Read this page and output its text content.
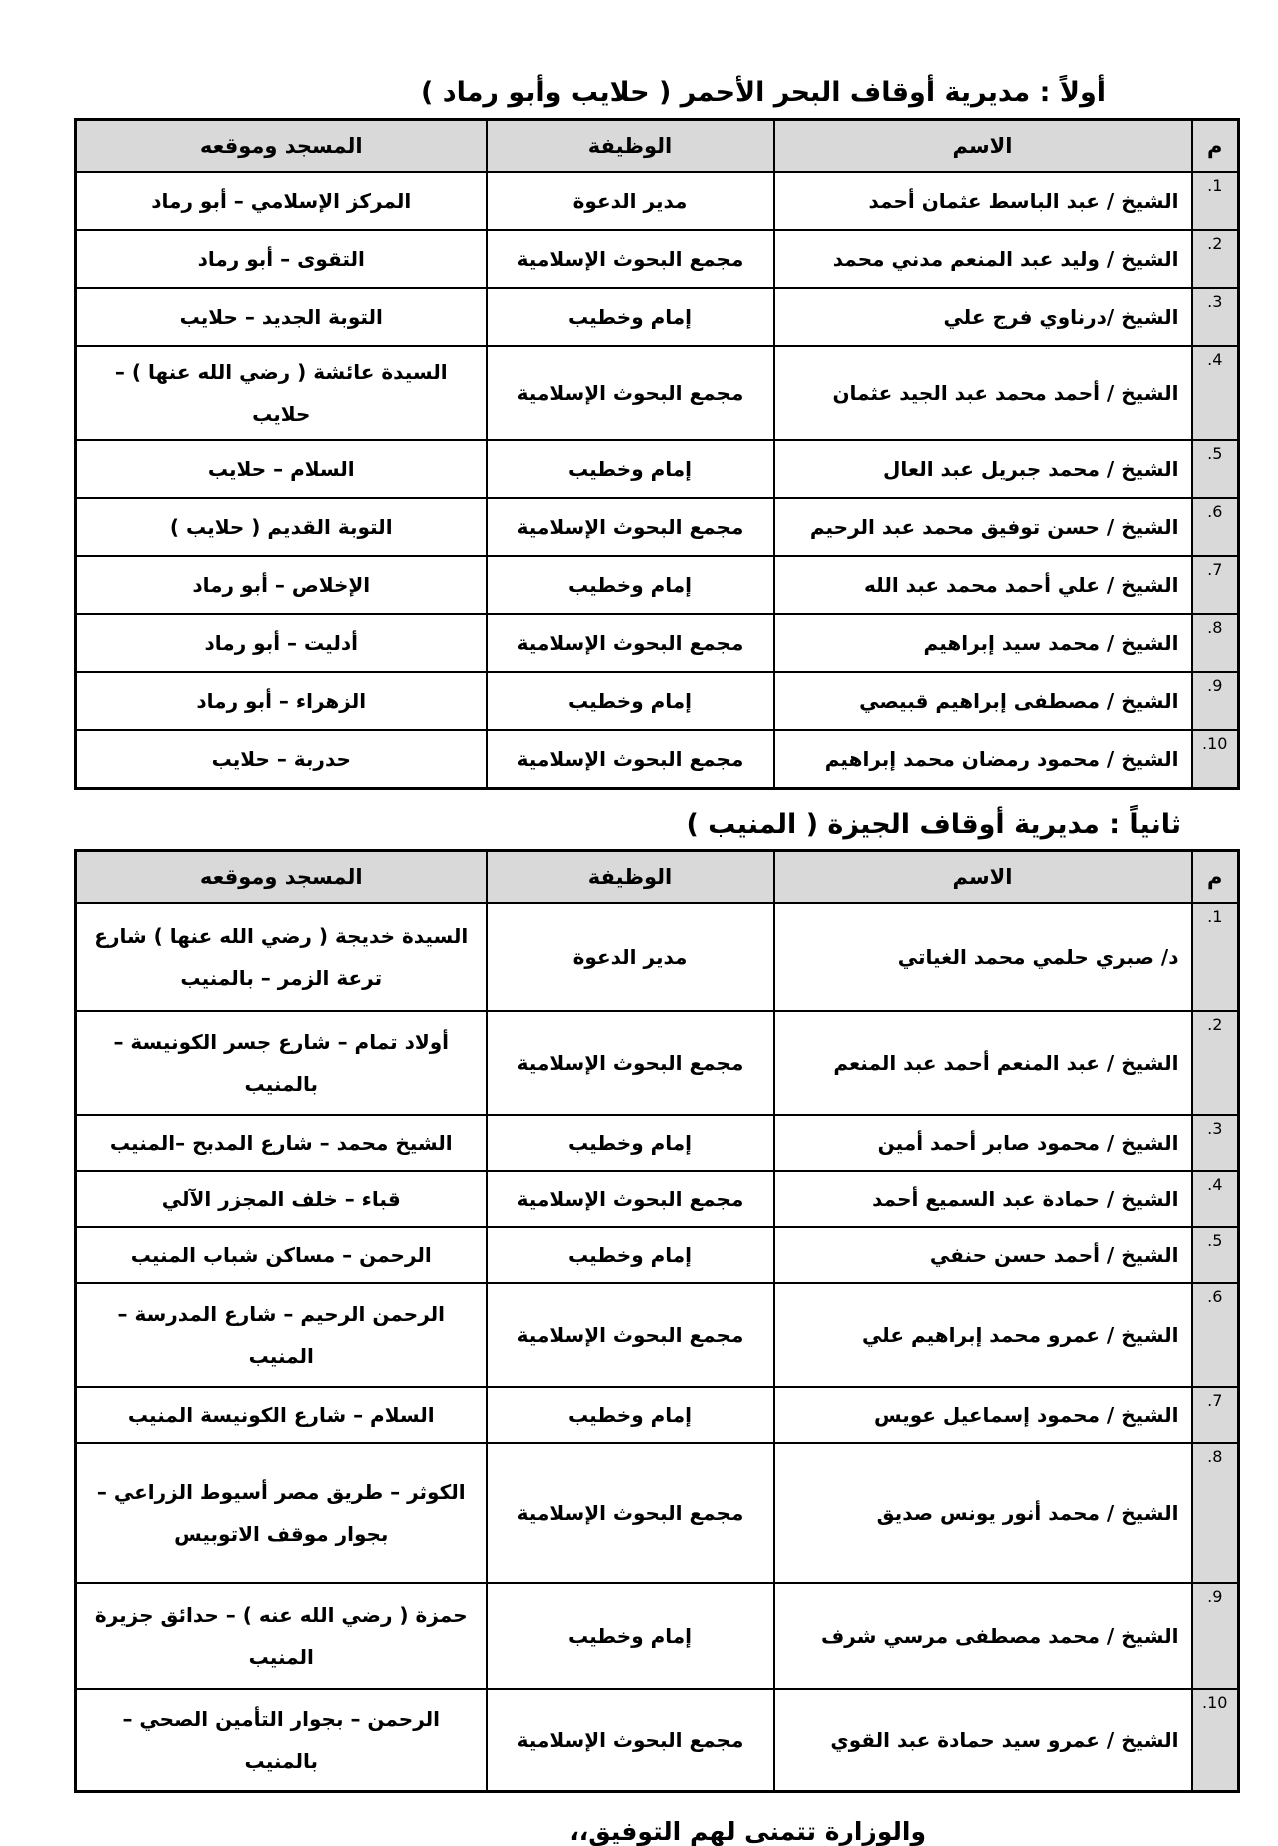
أولاً : مديرية أوقاف البحر الأحمر ( حلايب وأبو رماد )
م	الاسم	الوظيفة	المسجد وموقعه
1.	الشيخ / عبد الباسط عثمان أحمد	مدير الدعوة	المركز الإسلامي – أبو رماد
2.	الشيخ / وليد عبد المنعم مدني محمد	مجمع البحوث الإسلامية	التقوى – أبو رماد
3.	الشيخ /درناوي فرج علي	إمام وخطيب	التوبة الجديد – حلايب
4.	الشيخ / أحمد محمد عبد الجيد عثمان	مجمع البحوث الإسلامية	السيدة عائشة ( رضي الله عنها ) – حلايب
5.	الشيخ / محمد جبريل عبد العال	إمام وخطيب	السلام – حلايب
6.	الشيخ / حسن توفيق محمد عبد الرحيم	مجمع البحوث الإسلامية	التوبة القديم ( حلايب )
7.	الشيخ / علي أحمد محمد عبد الله	إمام وخطيب	الإخلاص – أبو رماد
8.	الشيخ / محمد سيد إبراهيم	مجمع البحوث الإسلامية	أدليت – أبو رماد
9.	الشيخ / مصطفى إبراهيم قبيصي	إمام وخطيب	الزهراء – أبو رماد
10.	الشيخ / محمود رمضان محمد إبراهيم	مجمع البحوث الإسلامية	حدربة – حلايب
ثانياً : مديرية أوقاف الجيزة ( المنيب )
م	الاسم	الوظيفة	المسجد وموقعه
1.	د/ صبري حلمي محمد الغياتي	مدير الدعوة	السيدة خديجة ( رضي الله عنها ) شارع ترعة الزمر – بالمنيب
2.	الشيخ / عبد المنعم أحمد عبد المنعم	مجمع البحوث الإسلامية	أولاد تمام – شارع جسر الكونيسة – بالمنيب
3.	الشيخ / محمود صابر أحمد أمين	إمام وخطيب	الشيخ محمد – شارع المدبح –المنيب
4.	الشيخ / حمادة عبد السميع أحمد	مجمع البحوث الإسلامية	قباء – خلف المجزر الآلي
5.	الشيخ / أحمد حسن حنفي	إمام وخطيب	الرحمن – مساكن شباب المنيب
6.	الشيخ / عمرو محمد إبراهيم علي	مجمع البحوث الإسلامية	الرحمن الرحيم – شارع المدرسة – المنيب
7.	الشيخ / محمود إسماعيل عويس	إمام وخطيب	السلام – شارع الكونيسة المنيب
8.	الشيخ / محمد أنور يونس صديق	مجمع البحوث الإسلامية	الكوثر – طريق مصر أسيوط الزراعي – بجوار موقف الاتوبيس
9.	الشيخ / محمد مصطفى مرسي شرف	إمام وخطيب	حمزة ( رضي الله عنه ) – حدائق جزيرة المنيب
10.	الشيخ / عمرو سيد حمادة عبد القوي	مجمع البحوث الإسلامية	الرحمن – بجوار التأمين الصحي – بالمنيب
والوزارة تتمنى لهم التوفيق،،
